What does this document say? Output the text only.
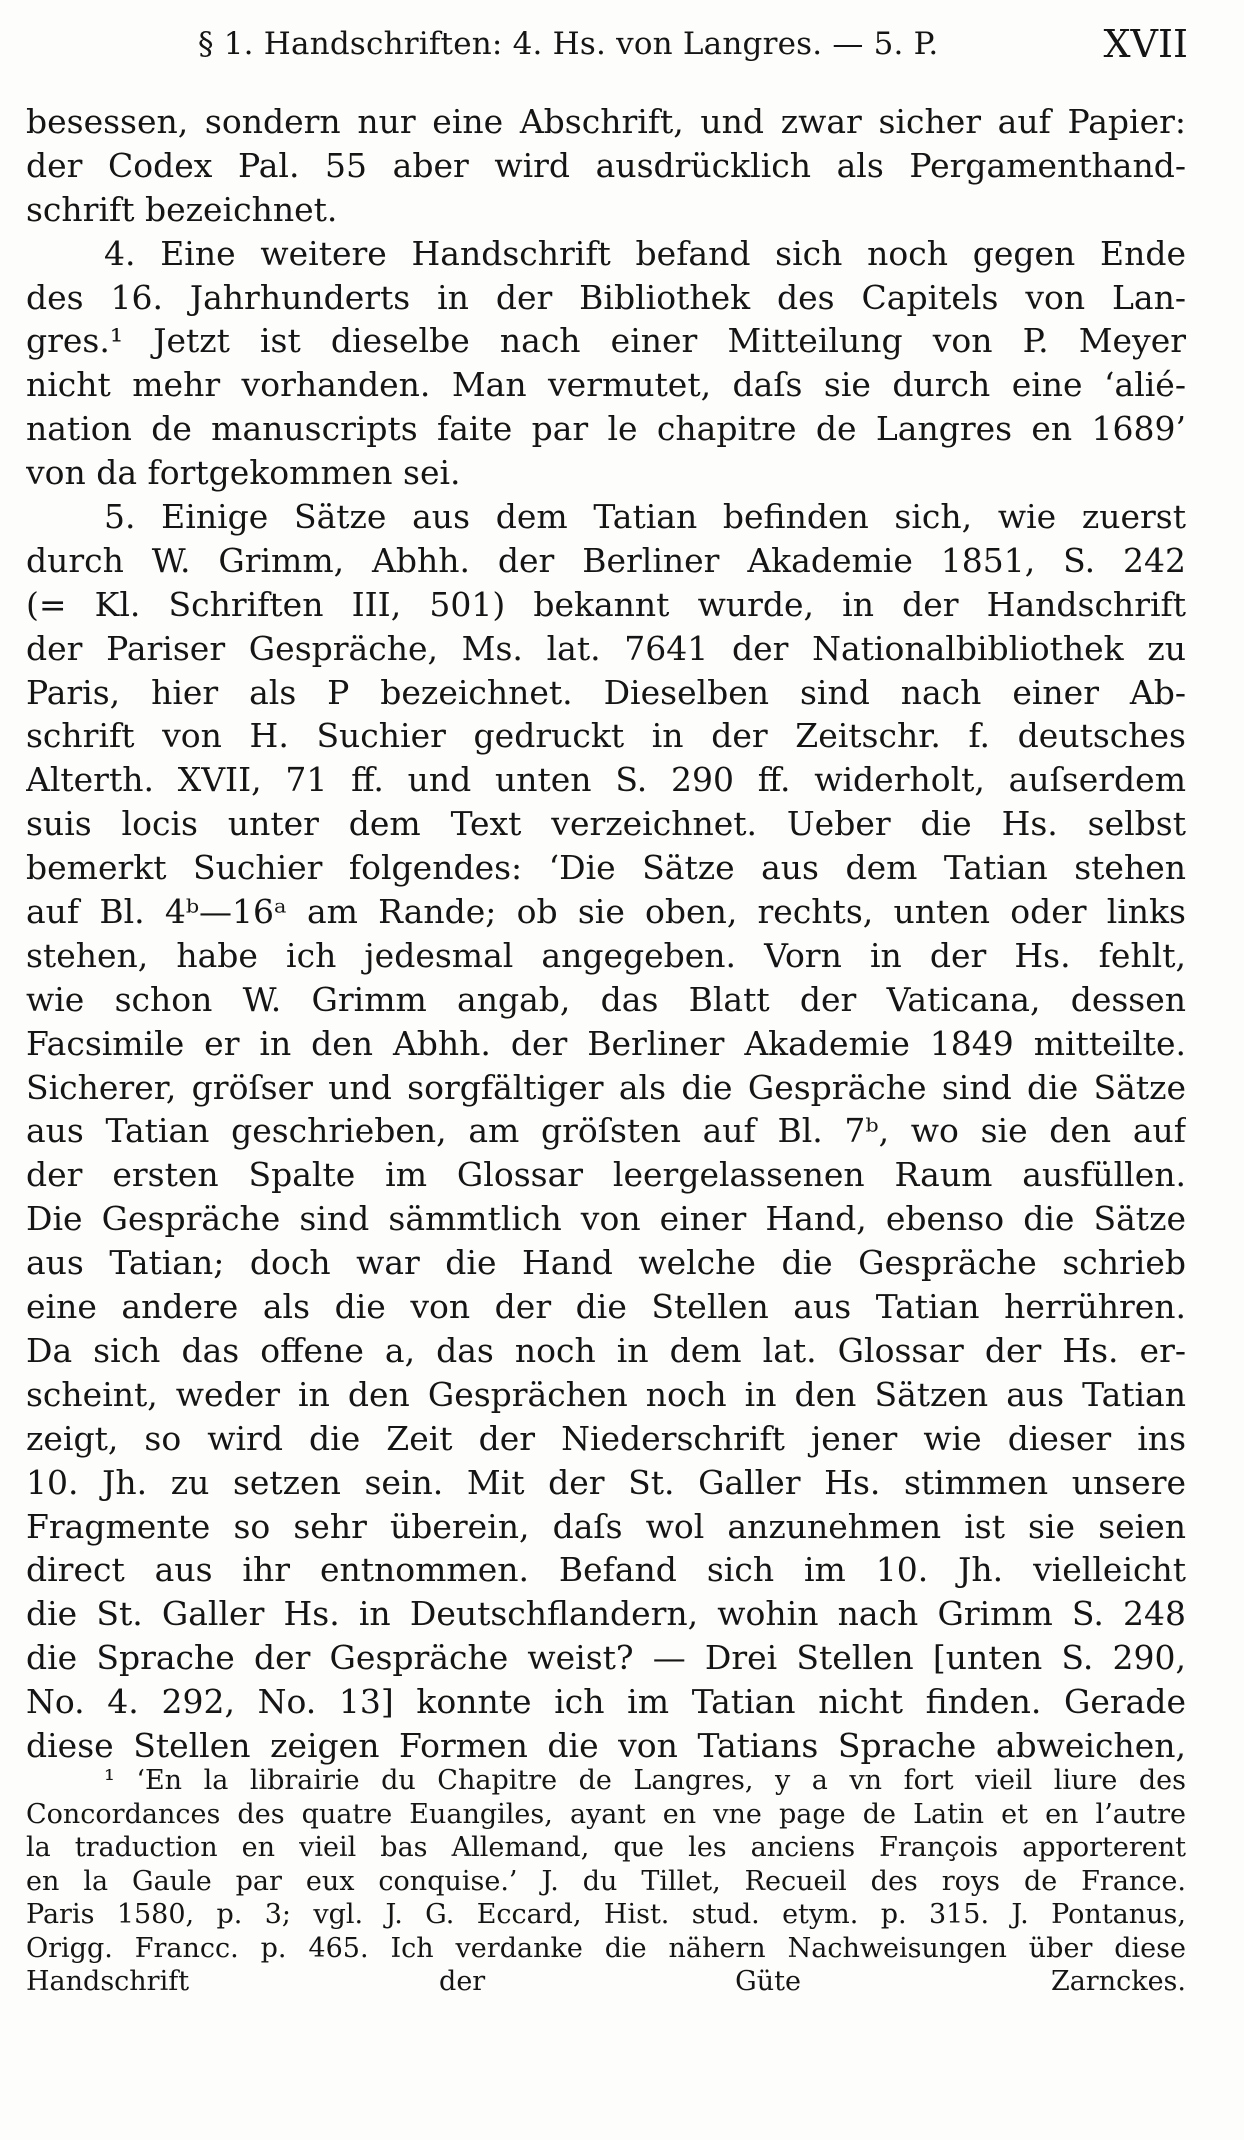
§ 1. Handschriften: 4. Hs. von Langres. — 5. P.	XVII
besessen, sondern nur eine Abschrift, und zwar sicher auf Papier:
der Codex Pal. 55 aber wird ausdrücklich als Pergamenthand-
schrift bezeichnet.
4. Eine weitere Handschrift befand sich noch gegen Ende
des 16. Jahrhunderts in der Bibliothek des Capitels von Lan-
gres.¹ Jetzt ist dieselbe nach einer Mitteilung von P. Meyer
nicht mehr vorhanden. Man vermutet, daſs sie durch eine ‘alié-
nation de manuscripts faite par le chapitre de Langres en 1689’
von da fortgekommen sei.
5. Einige Sätze aus dem Tatian befinden sich, wie zuerst
durch W. Grimm, Abhh. der Berliner Akademie 1851, S. 242
(= Kl. Schriften III, 501) bekannt wurde, in der Handschrift
der Pariser Gespräche, Ms. lat. 7641 der Nationalbibliothek zu
Paris, hier als P bezeichnet. Dieselben sind nach einer Ab-
schrift von H. Suchier gedruckt in der Zeitschr. f. deutsches
Alterth. XVII, 71 ff. und unten S. 290 ff. widerholt, auſserdem
suis locis unter dem Text verzeichnet. Ueber die Hs. selbst
bemerkt Suchier folgendes: ‘Die Sätze aus dem Tatian stehen
auf Bl. 4ᵇ—16ᵃ am Rande; ob sie oben, rechts, unten oder links
stehen, habe ich jedesmal angegeben. Vorn in der Hs. fehlt,
wie schon W. Grimm angab, das Blatt der Vaticana, dessen
Facsimile er in den Abhh. der Berliner Akademie 1849 mitteilte.
Sicherer, gröſser und sorgfältiger als die Gespräche sind die Sätze
aus Tatian geschrieben, am gröſsten auf Bl. 7ᵇ, wo sie den auf
der ersten Spalte im Glossar leergelassenen Raum ausfüllen.
Die Gespräche sind sämmtlich von einer Hand, ebenso die Sätze
aus Tatian; doch war die Hand welche die Gespräche schrieb
eine andere als die von der die Stellen aus Tatian herrühren.
Da sich das offene a, das noch in dem lat. Glossar der Hs. er-
scheint, weder in den Gesprächen noch in den Sätzen aus Tatian
zeigt, so wird die Zeit der Niederschrift jener wie dieser ins
10. Jh. zu setzen sein. Mit der St. Galler Hs. stimmen unsere
Fragmente so sehr überein, daſs wol anzunehmen ist sie seien
direct aus ihr entnommen. Befand sich im 10. Jh. vielleicht
die St. Galler Hs. in Deutschflandern, wohin nach Grimm S. 248
die Sprache der Gespräche weist? — Drei Stellen [unten S. 290,
No. 4. 292, No. 13] konnte ich im Tatian nicht finden. Gerade
diese Stellen zeigen Formen die von Tatians Sprache abweichen,
¹ ‘En la librairie du Chapitre de Langres, y a vn fort vieil liure des
Concordances des quatre Euangiles, ayant en vne page de Latin et en l’autre
la traduction en vieil bas Allemand, que les anciens François apporterent
en la Gaule par eux conquise.’ J. du Tillet, Recueil des roys de France.
Paris 1580, p. 3; vgl. J. G. Eccard, Hist. stud. etym. p. 315. J. Pontanus,
Origg. Francc. p. 465. Ich verdanke die nähern Nachweisungen über diese
Handschrift der Güte Zarnckes.
